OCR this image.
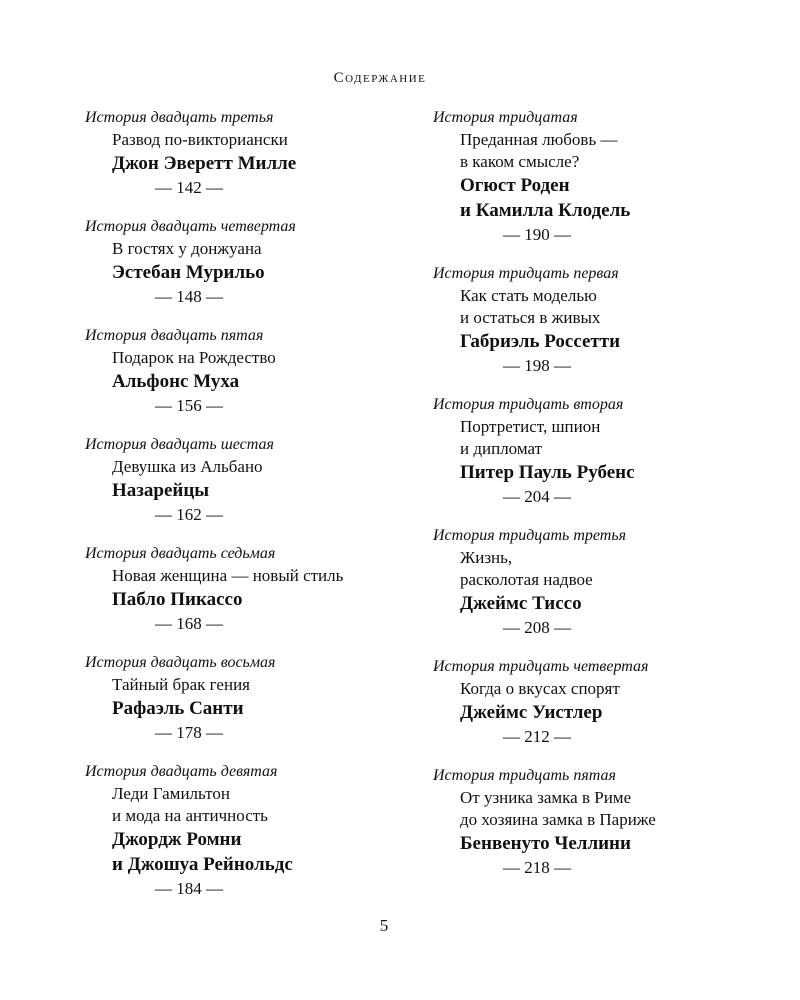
Содержание
История двадцать третья
Развод по-викториански
Джон Эверетт Милле
— 142 —
История двадцать четвертая
В гостях у донжуана
Эстебан Мурильо
— 148 —
История двадцать пятая
Подарок на Рождество
Альфонс Муха
— 156 —
История двадцать шестая
Девушка из Альбано
Назарейцы
— 162 —
История двадцать седьмая
Новая женщина — новый стиль
Пабло Пикассо
— 168 —
История двадцать восьмая
Тайный брак гения
Рафаэль Санти
— 178 —
История двадцать девятая
Леди Гамильтон
и мода на античность
Джордж Ромни
и Джошуа Рейнольдс
— 184 —
История тридцатая
Преданная любовь —
в каком смысле?
Огюст Роден
и Камилла Клодель
— 190 —
История тридцать первая
Как стать моделью
и остаться в живых
Габриэль Россетти
— 198 —
История тридцать вторая
Портретист, шпион
и дипломат
Питер Пауль Рубенс
— 204 —
История тридцать третья
Жизнь,
расколотая надвое
Джеймс Тиссо
— 208 —
История тридцать четвертая
Когда о вкусах спорят
Джеймс Уистлер
— 212 —
История тридцать пятая
От узника замка в Риме
до хозяина замка в Париже
Бенвенуто Челлини
— 218 —
5
